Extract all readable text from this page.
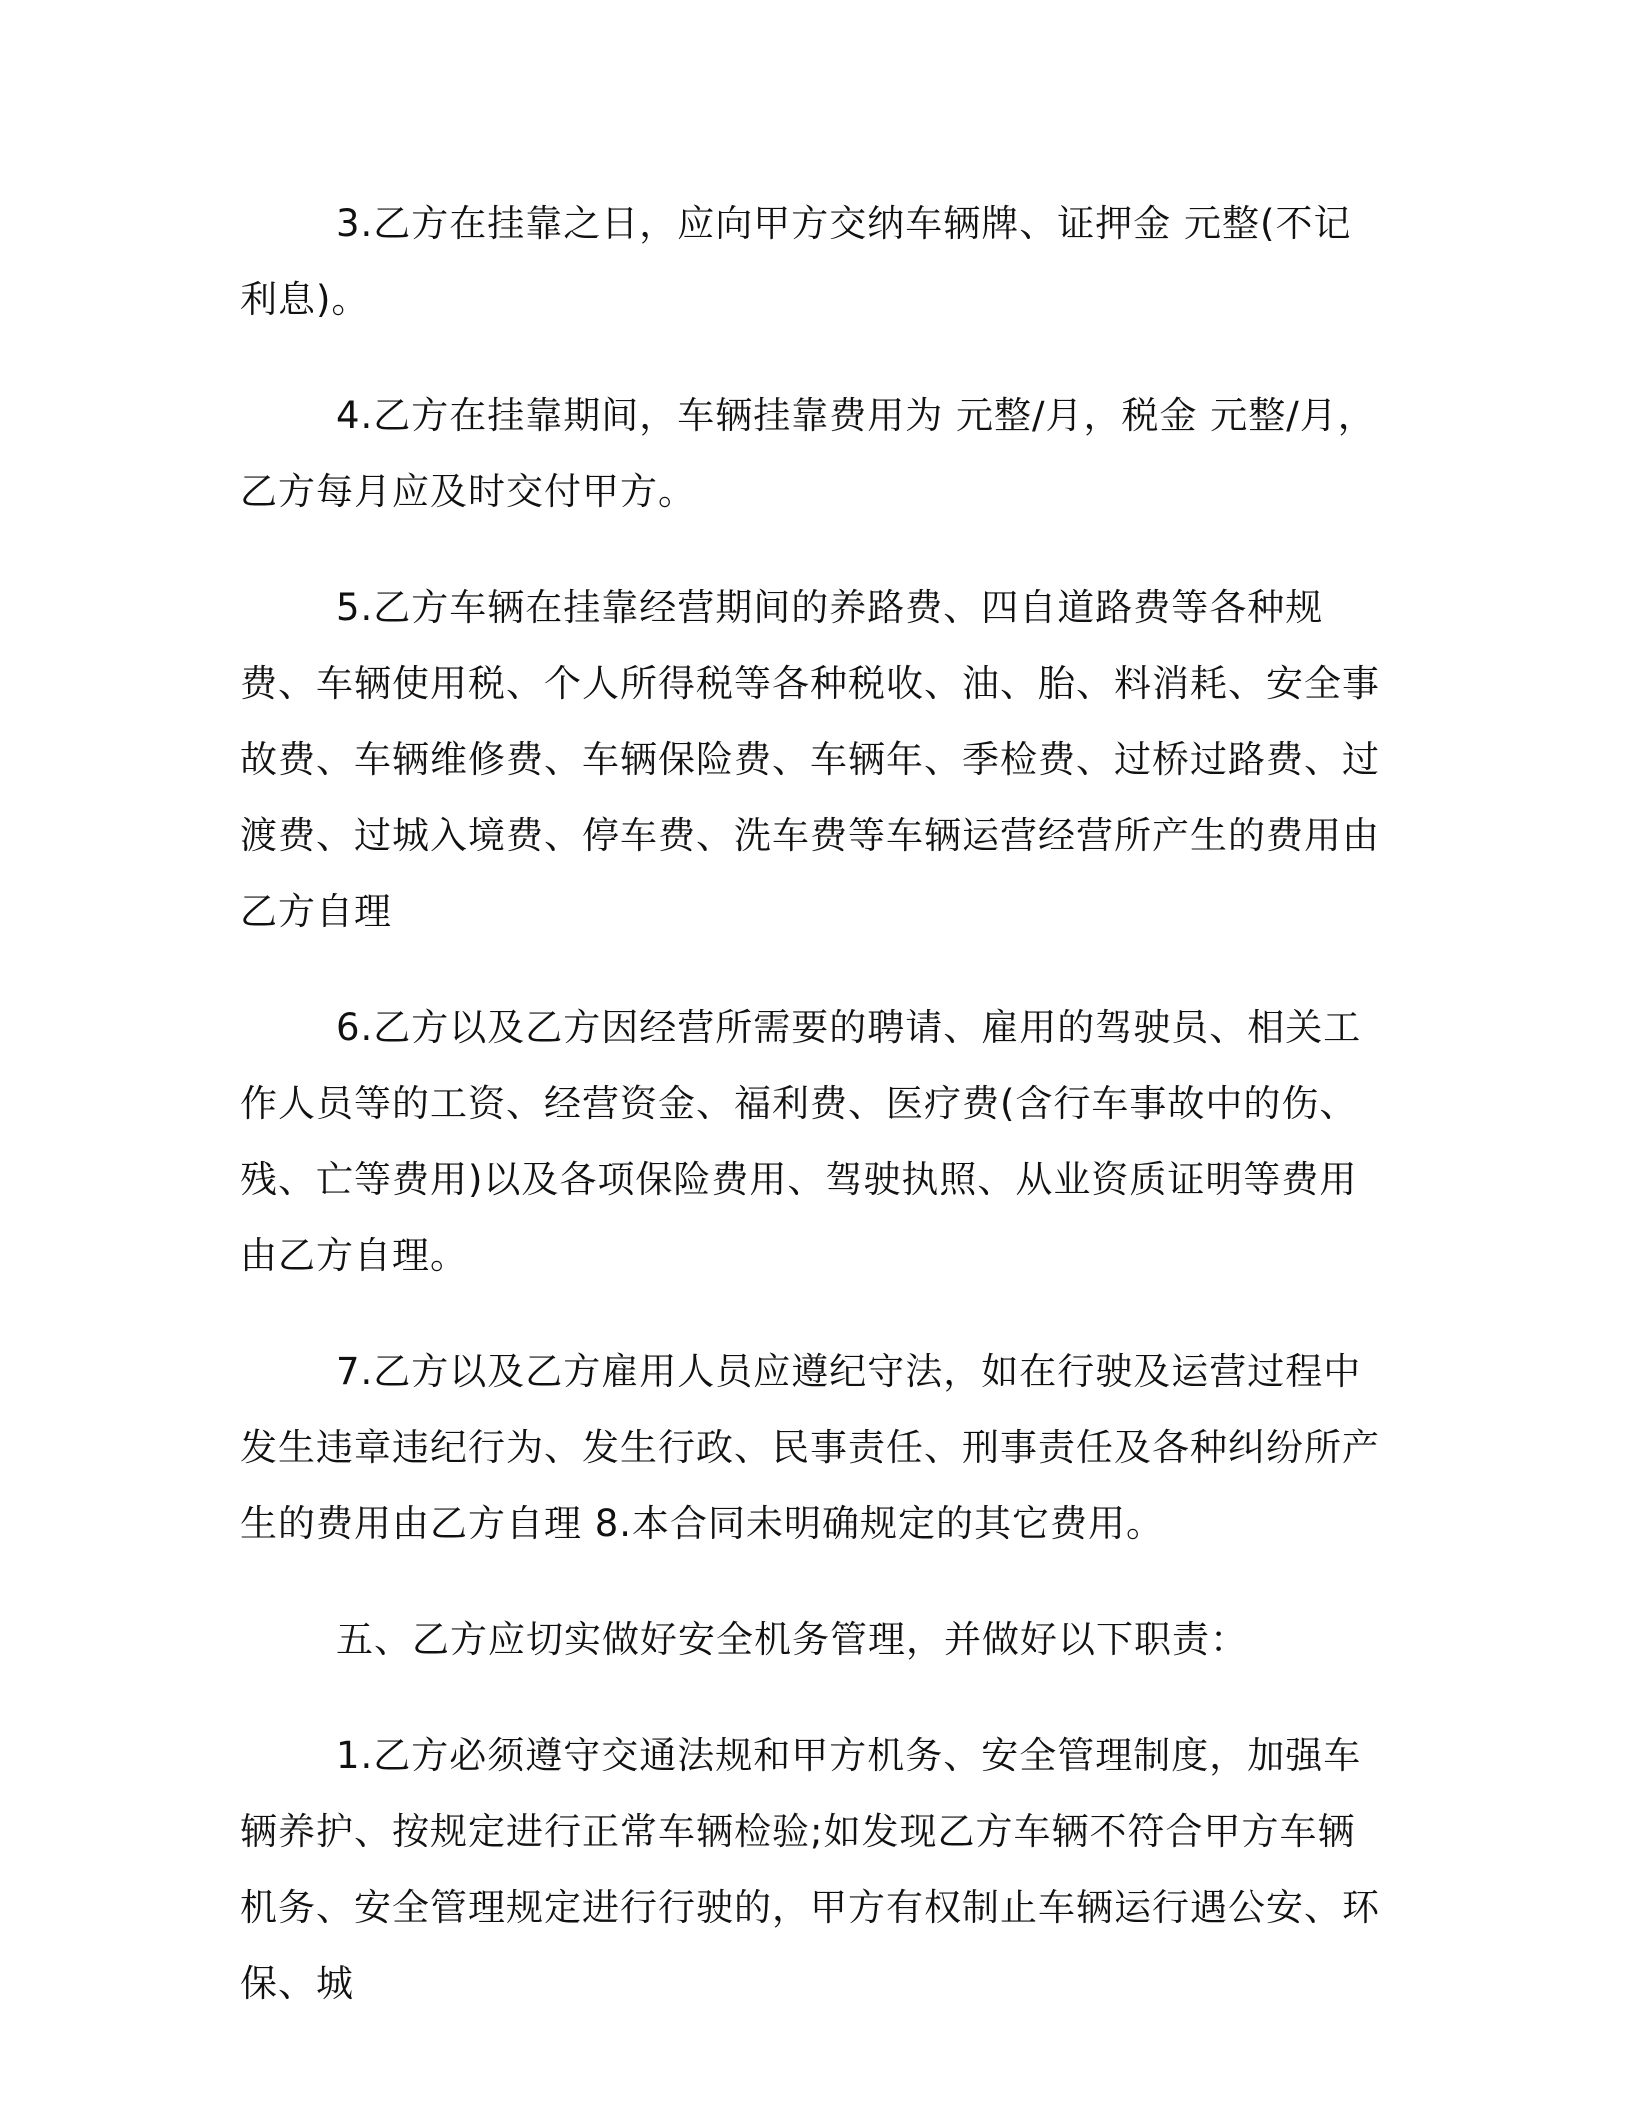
3.乙方在挂靠之日，应向甲方交纳车辆牌、证押金 元整(不记利息)。

4.乙方在挂靠期间，车辆挂靠费用为 元整/月，税金 元整/月，乙方每月应及时交付甲方。

5.乙方车辆在挂靠经营期间的养路费、四自道路费等各种规费、车辆使用税、个人所得税等各种税收、油、胎、料消耗、安全事故费、车辆维修费、车辆保险费、车辆年、季检费、过桥过路费、过渡费、过城入境费、停车费、洗车费等车辆运营经营所产生的费用由乙方自理

6.乙方以及乙方因经营所需要的聘请、雇用的驾驶员、相关工作人员等的工资、经营资金、福利费、医疗费(含行车事故中的伤、残、亡等费用)以及各项保险费用、驾驶执照、从业资质证明等费用由乙方自理。

7.乙方以及乙方雇用人员应遵纪守法，如在行驶及运营过程中发生违章违纪行为、发生行政、民事责任、刑事责任及各种纠纷所产生的费用由乙方自理 8.本合同未明确规定的其它费用。

五、乙方应切实做好安全机务管理，并做好以下职责：

1.乙方必须遵守交通法规和甲方机务、安全管理制度，加强车辆养护、按规定进行正常车辆检验;如发现乙方车辆不符合甲方车辆机务、安全管理规定进行行驶的，甲方有权制止车辆运行遇公安、环保、城
